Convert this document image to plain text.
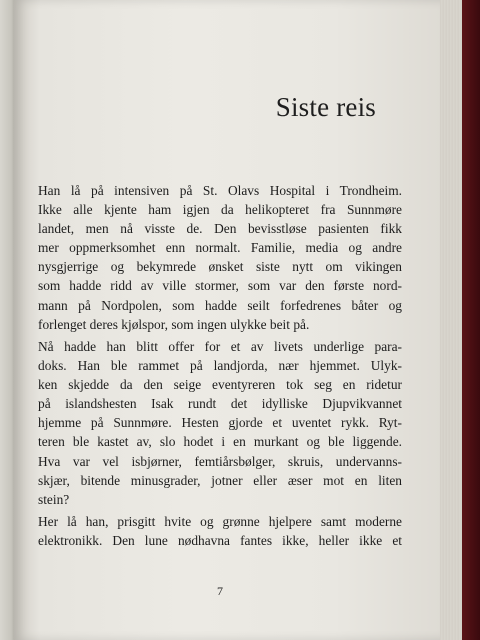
Siste reis
Han lå på intensiven på St. Olavs Hospital i Trondheim.
Ikke alle kjente ham igjen da helikopteret fra Sunnmøre
landet, men nå visste de. Den bevisstløse pasienten fikk
mer oppmerksomhet enn normalt. Familie, media og andre
nysgjerrige og bekymrede ønsket siste nytt om vikingen
som hadde ridd av ville stormer, som var den første nord-
mann på Nordpolen, som hadde seilt forfedrenes båter og
forlenget deres kjølspor, som ingen ulykke beit på.
Nå hadde han blitt offer for et av livets underlige para-
doks. Han ble rammet på landjorda, nær hjemmet. Ulyk-
ken skjedde da den seige eventyreren tok seg en ridetur
på islandshesten Isak rundt det idylliske Djupvikvannet
hjemme på Sunnmøre. Hesten gjorde et uventet rykk. Ryt-
teren ble kastet av, slo hodet i en murkant og ble liggende.
Hva var vel isbjørner, femtiårsbølger, skruis, undervanns-
skjær, bitende minusgrader, jotner eller æser mot en liten
stein?
Her lå han, prisgitt hvite og grønne hjelpere samt moderne
elektronikk. Den lune nødhavna fantes ikke, heller ikke et
7
